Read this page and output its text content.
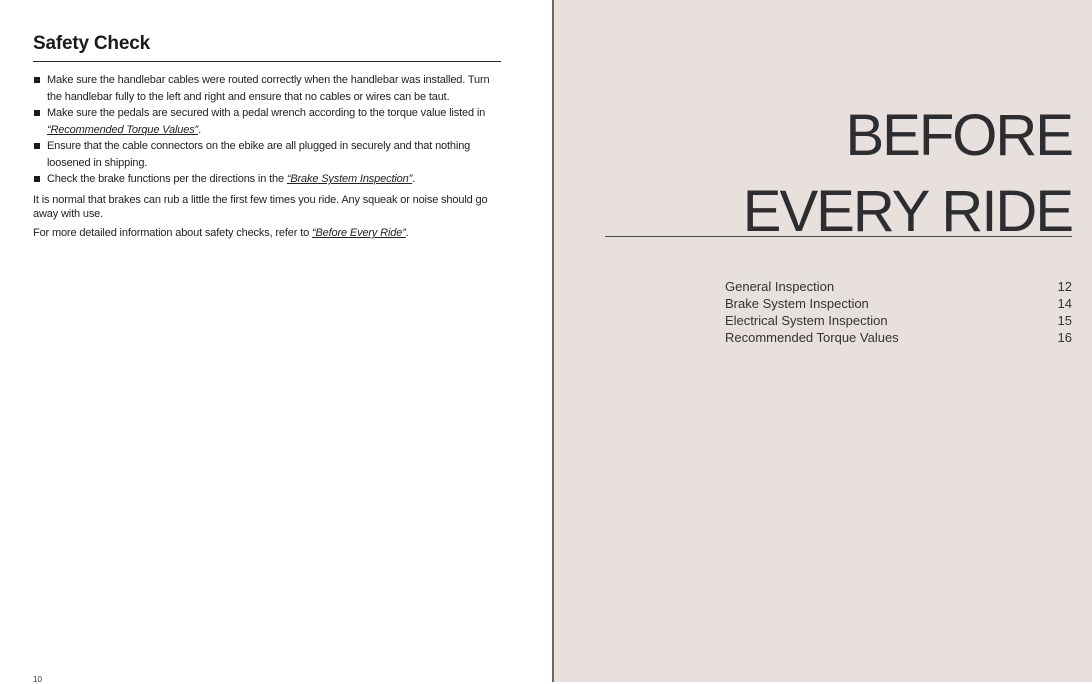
Safety Check
Make sure the handlebar cables were routed correctly when the handlebar was installed. Turn the handlebar fully to the left and right and ensure that no cables or wires can be taut.
Make sure the pedals are secured with a pedal wrench according to the torque value listed in “Recommended Torque Values”.
Ensure that the cable connectors on the ebike are all plugged in securely and that nothing loosened in shipping.
Check the brake functions per the directions in the “Brake System Inspection”.

It is normal that brakes can rub a little the first few times you ride. Any squeak or noise should go away with use.

For more detailed information about safety checks, refer to “Before Every Ride”.

10
BEFORE
EVERY RIDE
General Inspection	12
Brake System Inspection	14
Electrical System Inspection	15
Recommended Torque Values	16
